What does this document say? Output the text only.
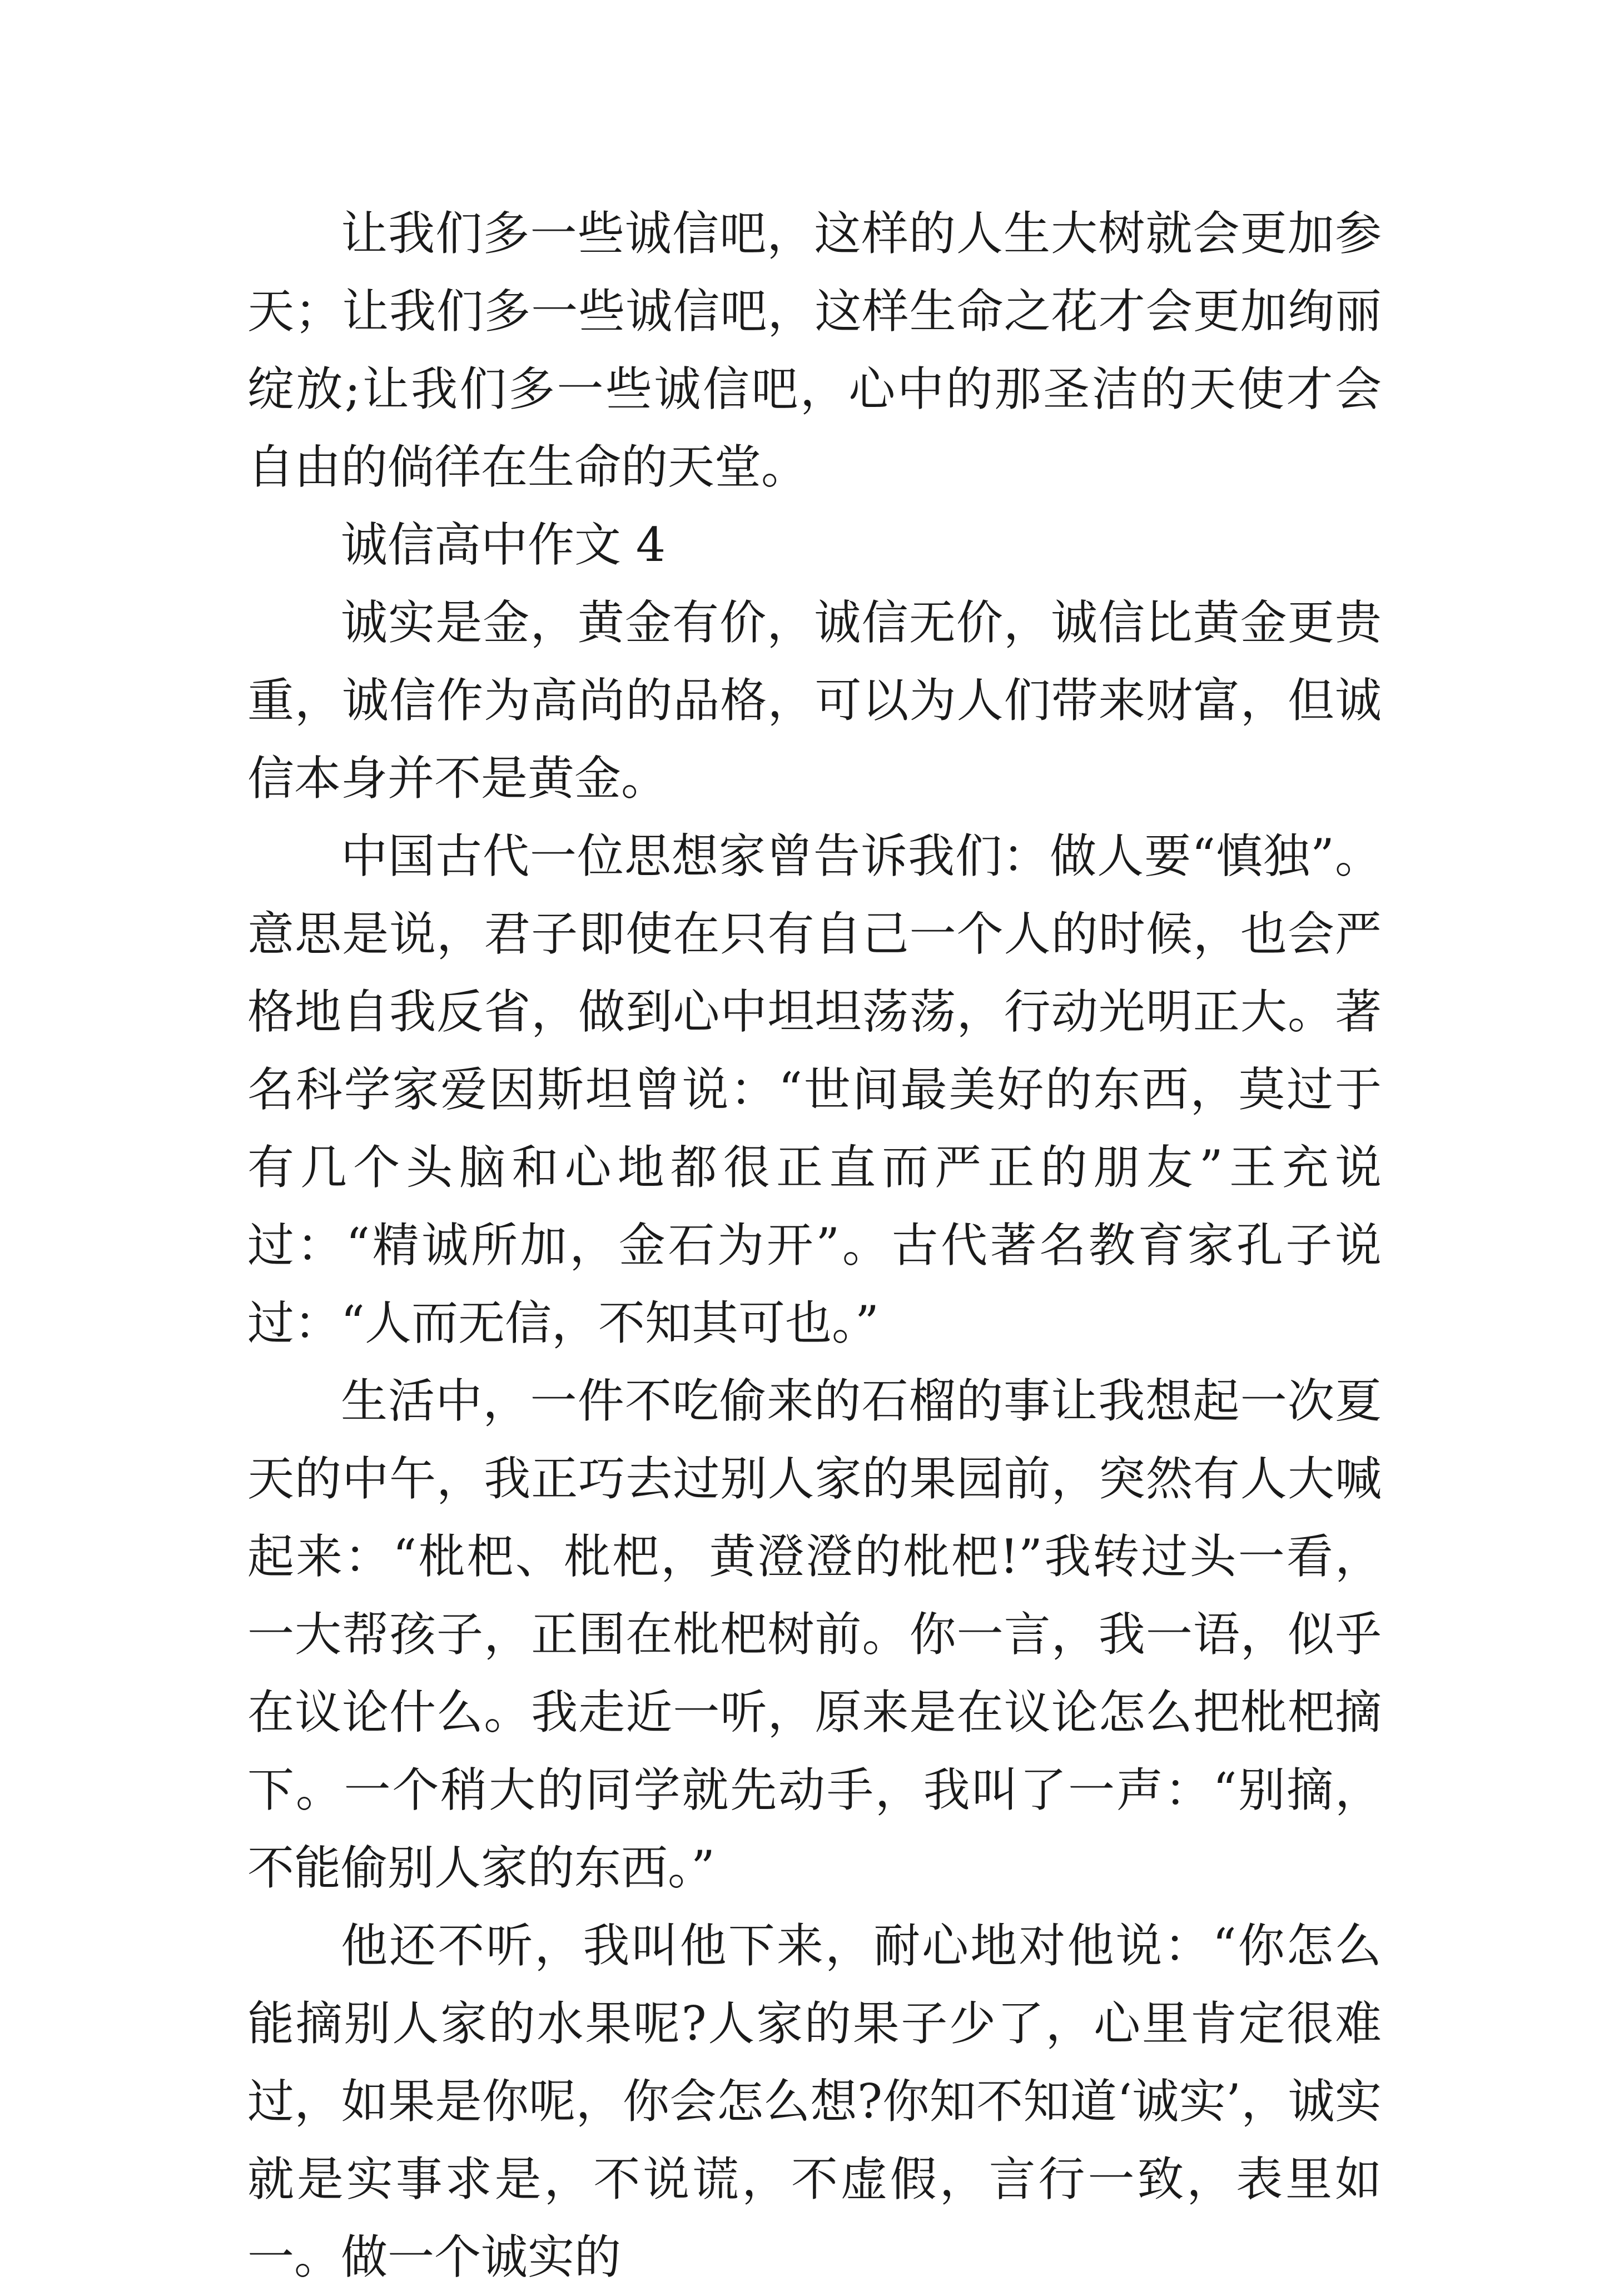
让我们多一些诚信吧，这样的人生大树就会更加参天；让我们多一些诚信吧，这样生命之花才会更加绚丽绽放;让我们多一些诚信吧，心中的那圣洁的天使才会自由的倘徉在生命的天堂。

诚信高中作文 4

诚实是金，黄金有价，诚信无价，诚信比黄金更贵重，诚信作为高尚的品格，可以为人们带来财富，但诚信本身并不是黄金。

中国古代一位思想家曾告诉我们：做人要“慎独”。意思是说，君子即使在只有自己一个人的时候，也会严格地自我反省，做到心中坦坦荡荡，行动光明正大。著名科学家爱因斯坦曾说：“世间最美好的东西，莫过于有几个头脑和心地都很正直而严正的朋友”王充说过：“精诚所加，金石为开”。古代著名教育家孔子说过：“人而无信，不知其可也。”

生活中，一件不吃偷来的石榴的事让我想起一次夏天的中午，我正巧去过别人家的果园前，突然有人大喊起来：“枇杷、枇杷，黄澄澄的枇杷!”我转过头一看，一大帮孩子，正围在枇杷树前。你一言，我一语，似乎在议论什么。我走近一听，原来是在议论怎么把枇杷摘下。一个稍大的同学就先动手，我叫了一声：“别摘，不能偷别人家的东西。”

他还不听，我叫他下来，耐心地对他说：“你怎么能摘别人家的水果呢?人家的果子少了，心里肯定很难过，如果是你呢，你会怎么想?你知不知道‘诚实’，诚实就是实事求是，不说谎，不虚假，言行一致，表里如一。做一个诚实的
